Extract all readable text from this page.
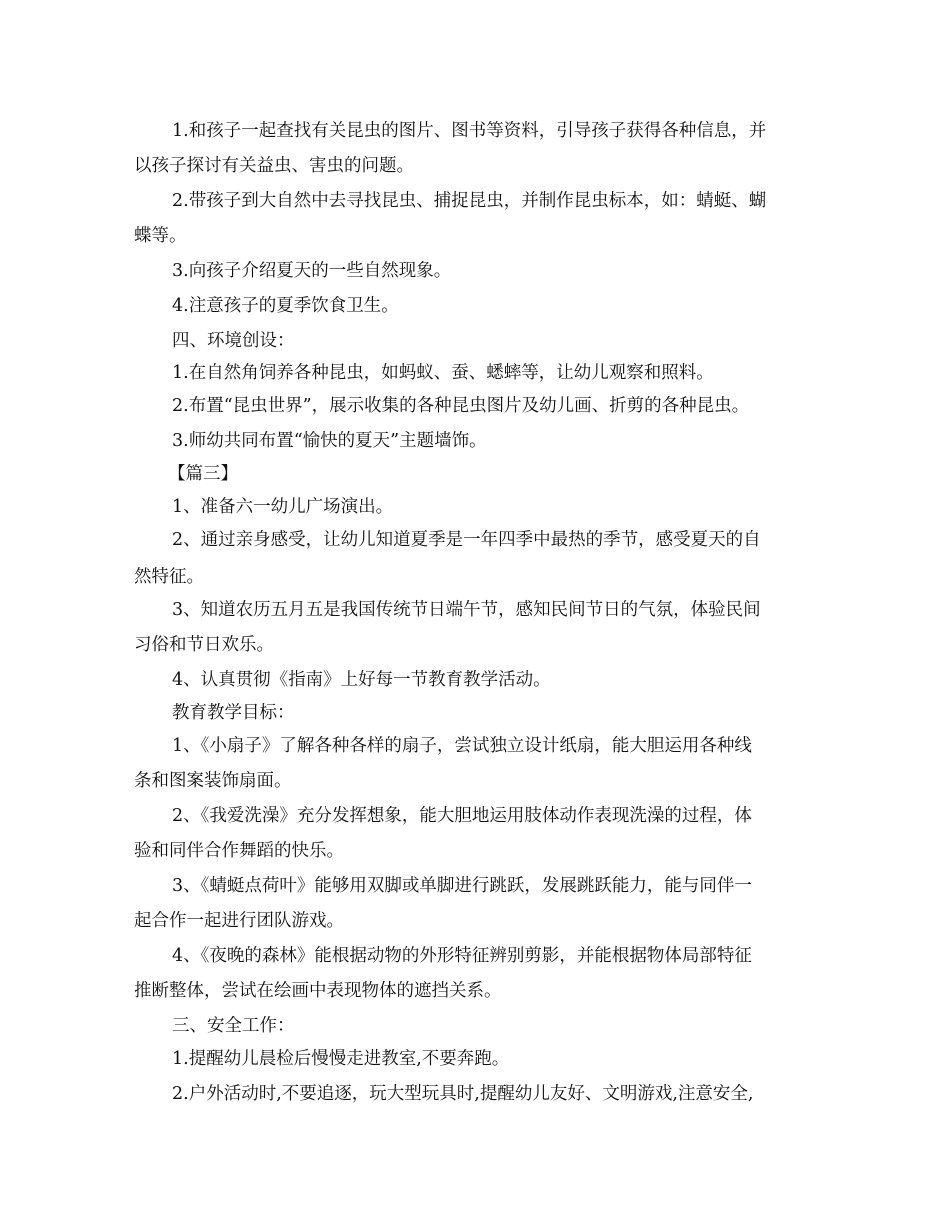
1.和孩子一起查找有关昆虫的图片、图书等资料，引导孩子获得各种信息，并
以孩子探讨有关益虫、害虫的问题。
2.带孩子到大自然中去寻找昆虫、捕捉昆虫，并制作昆虫标本，如：蜻蜓、蝴
蝶等。
3.向孩子介绍夏天的一些自然现象。
4.注意孩子的夏季饮食卫生。
四、环境创设：
1.在自然角饲养各种昆虫，如蚂蚁、蚕、蟋蟀等，让幼儿观察和照料。
2.布置“昆虫世界”，展示收集的各种昆虫图片及幼儿画、折剪的各种昆虫。
3.师幼共同布置“愉快的夏天”主题墙饰。
【篇三】
1、准备六一幼儿广场演出。
2、通过亲身感受，让幼儿知道夏季是一年四季中最热的季节，感受夏天的自
然特征。
3、知道农历五月五是我国传统节日端午节，感知民间节日的气氛，体验民间
习俗和节日欢乐。
4、认真贯彻《指南》上好每一节教育教学活动。
教育教学目标：
1、《小扇子》了解各种各样的扇子，尝试独立设计纸扇，能大胆运用各种线
条和图案装饰扇面。
2、《我爱洗澡》充分发挥想象，能大胆地运用肢体动作表现洗澡的过程，体
验和同伴合作舞蹈的快乐。
3、《蜻蜓点荷叶》能够用双脚或单脚进行跳跃，发展跳跃能力，能与同伴一
起合作一起进行团队游戏。
4、《夜晚的森林》能根据动物的外形特征辨别剪影，并能根据物体局部特征
推断整体，尝试在绘画中表现物体的遮挡关系。
三、安全工作：
1.提醒幼儿晨检后慢慢走进教室,不要奔跑。
2.户外活动时,不要追逐，玩大型玩具时,提醒幼儿友好、文明游戏,注意安全,
